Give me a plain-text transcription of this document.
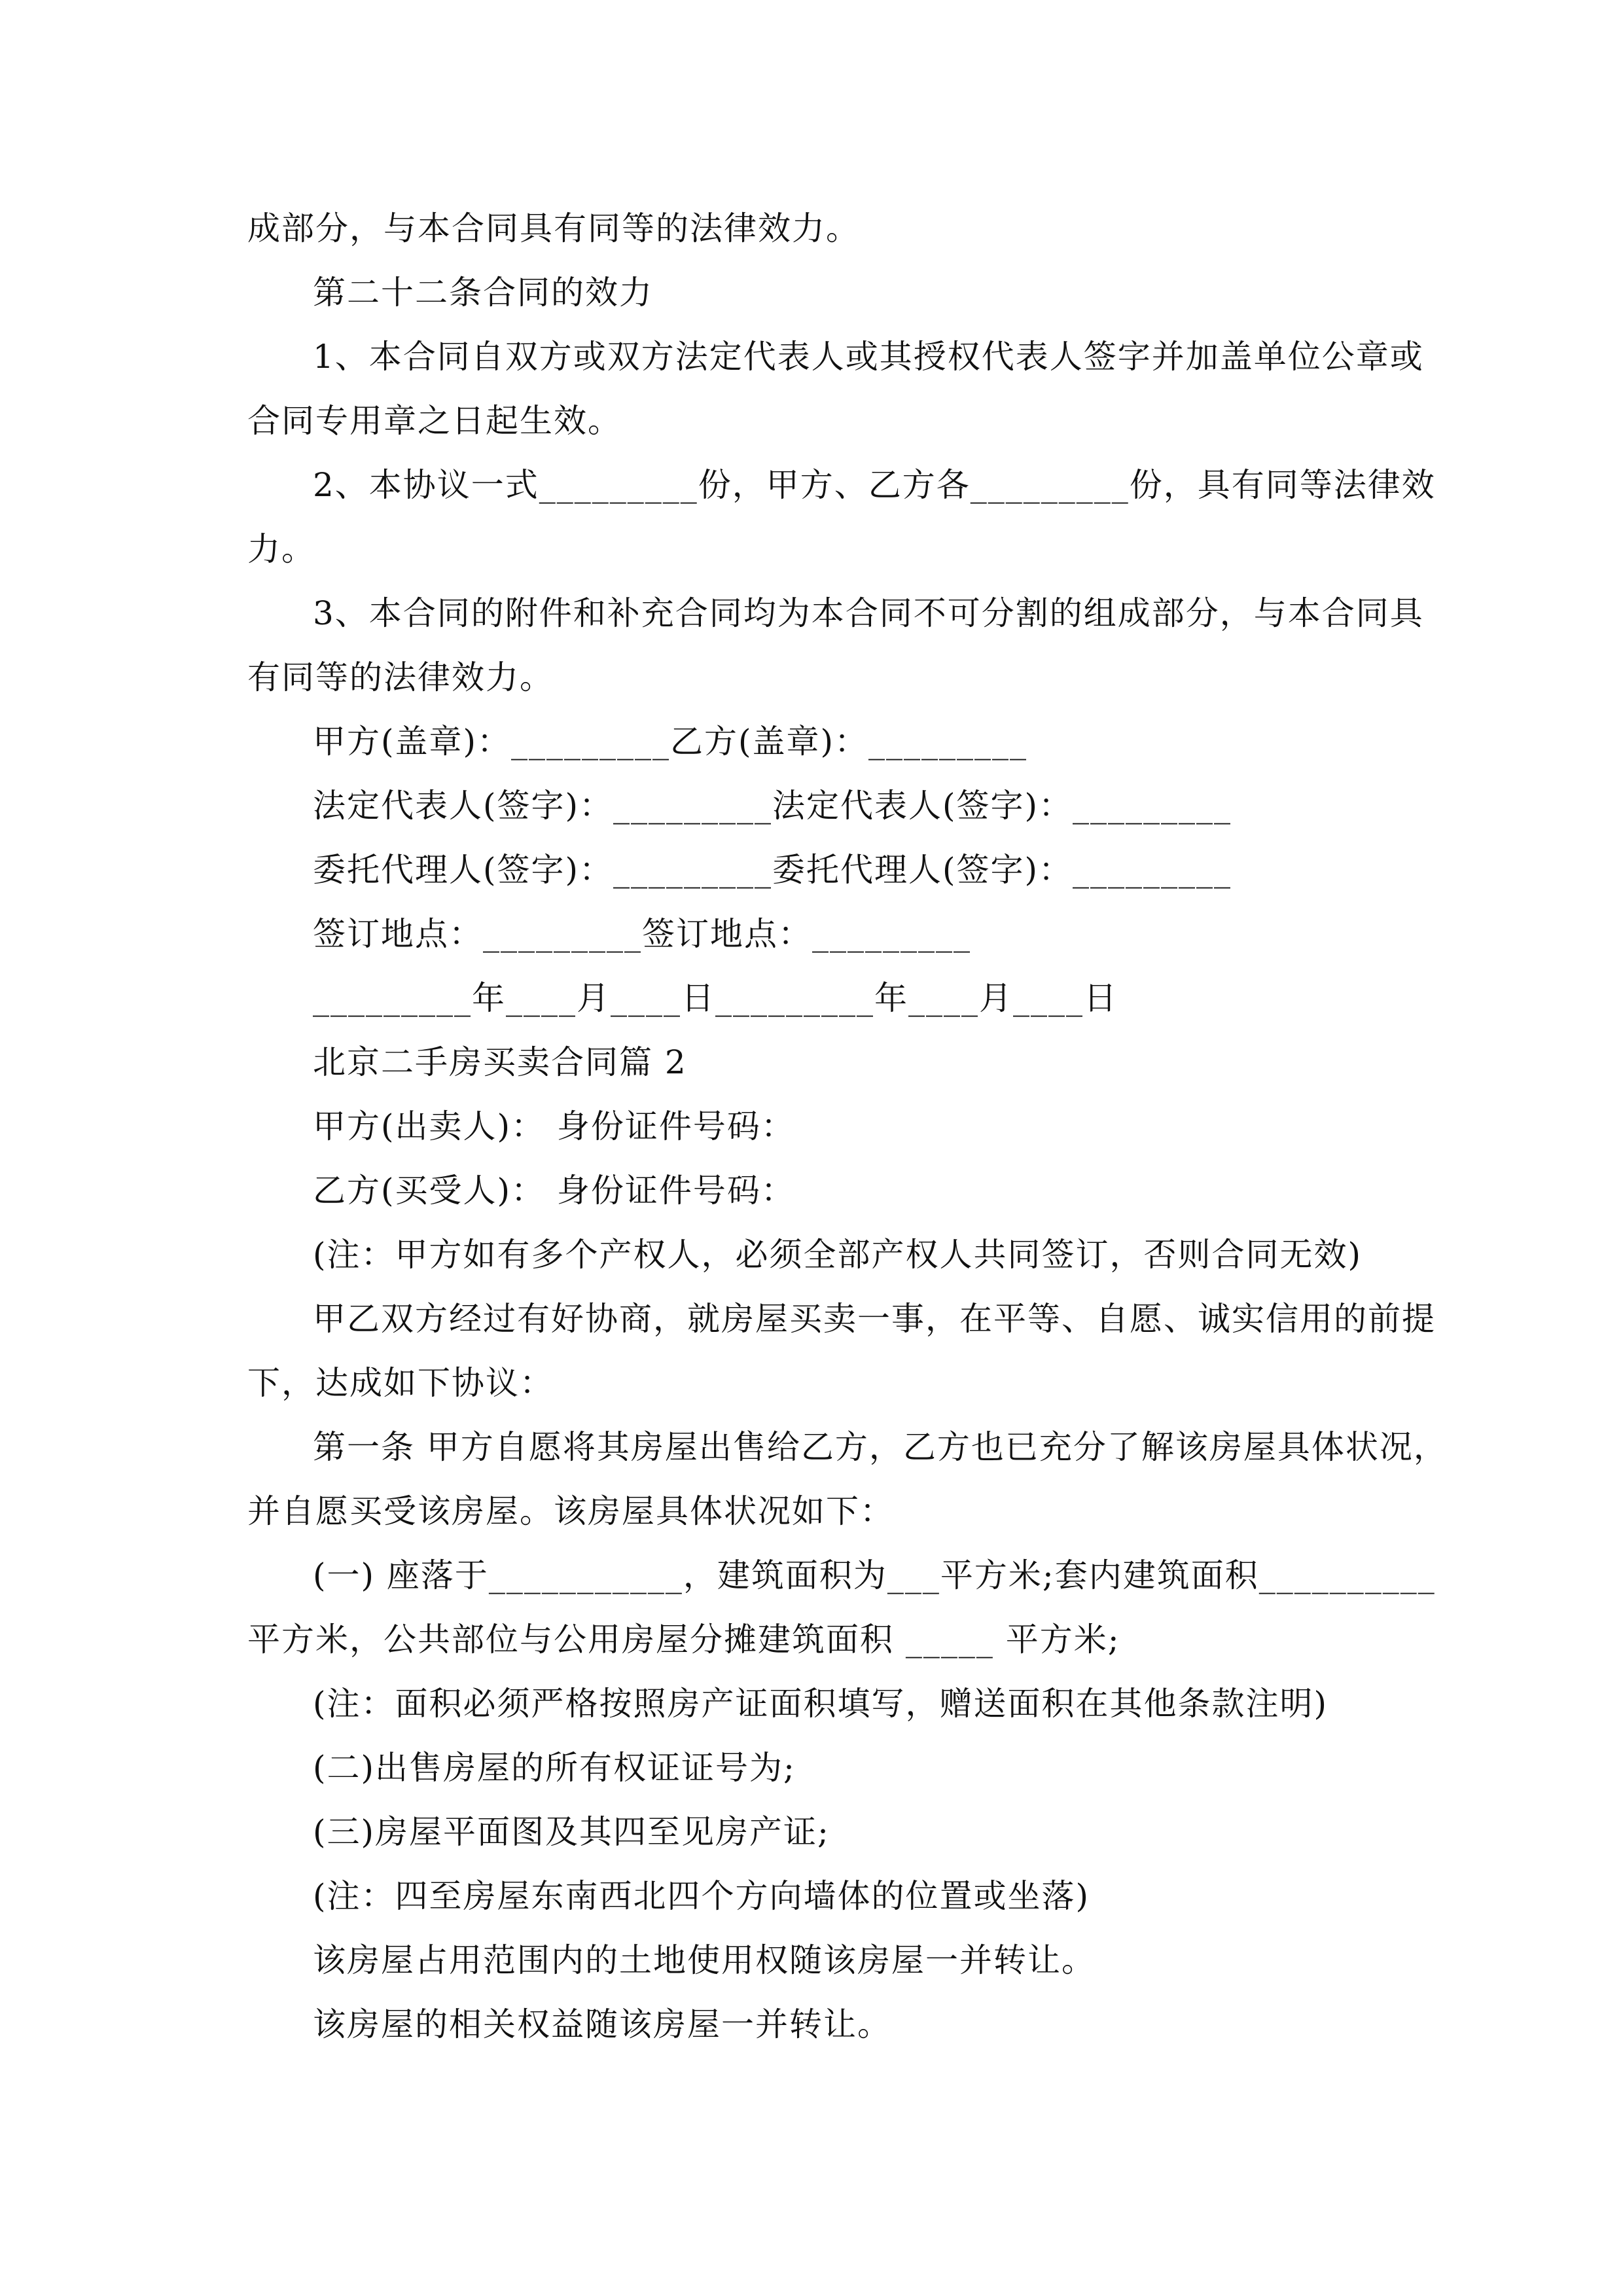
成部分，与本合同具有同等的法律效力。
第二十二条合同的效力
1、本合同自双方或双方法定代表人或其授权代表人签字并加盖单位公章或
合同专用章之日起生效。
2、本协议一式_________份，甲方、乙方各_________份，具有同等法律效
力。
3、本合同的附件和补充合同均为本合同不可分割的组成部分，与本合同具
有同等的法律效力。
甲方(盖章)：_________乙方(盖章)：_________
法定代表人(签字)：_________法定代表人(签字)：_________
委托代理人(签字)：_________委托代理人(签字)：_________
签订地点：_________签订地点：_________
_________年____月____日_________年____月____日
北京二手房买卖合同篇 2
甲方(出卖人)： 身份证件号码：
乙方(买受人)： 身份证件号码：
(注：甲方如有多个产权人，必须全部产权人共同签订，否则合同无效)
甲乙双方经过有好协商，就房屋买卖一事，在平等、自愿、诚实信用的前提
下，达成如下协议：
第一条 甲方自愿将其房屋出售给乙方，乙方也已充分了解该房屋具体状况，
并自愿买受该房屋。该房屋具体状况如下：
(一) 座落于___________，建筑面积为___平方米;套内建筑面积__________
平方米，公共部位与公用房屋分摊建筑面积 _____ 平方米;
(注：面积必须严格按照房产证面积填写，赠送面积在其他条款注明)
(二)出售房屋的所有权证证号为;
(三)房屋平面图及其四至见房产证;
(注：四至房屋东南西北四个方向墙体的位置或坐落)
该房屋占用范围内的土地使用权随该房屋一并转让。
该房屋的相关权益随该房屋一并转让。
